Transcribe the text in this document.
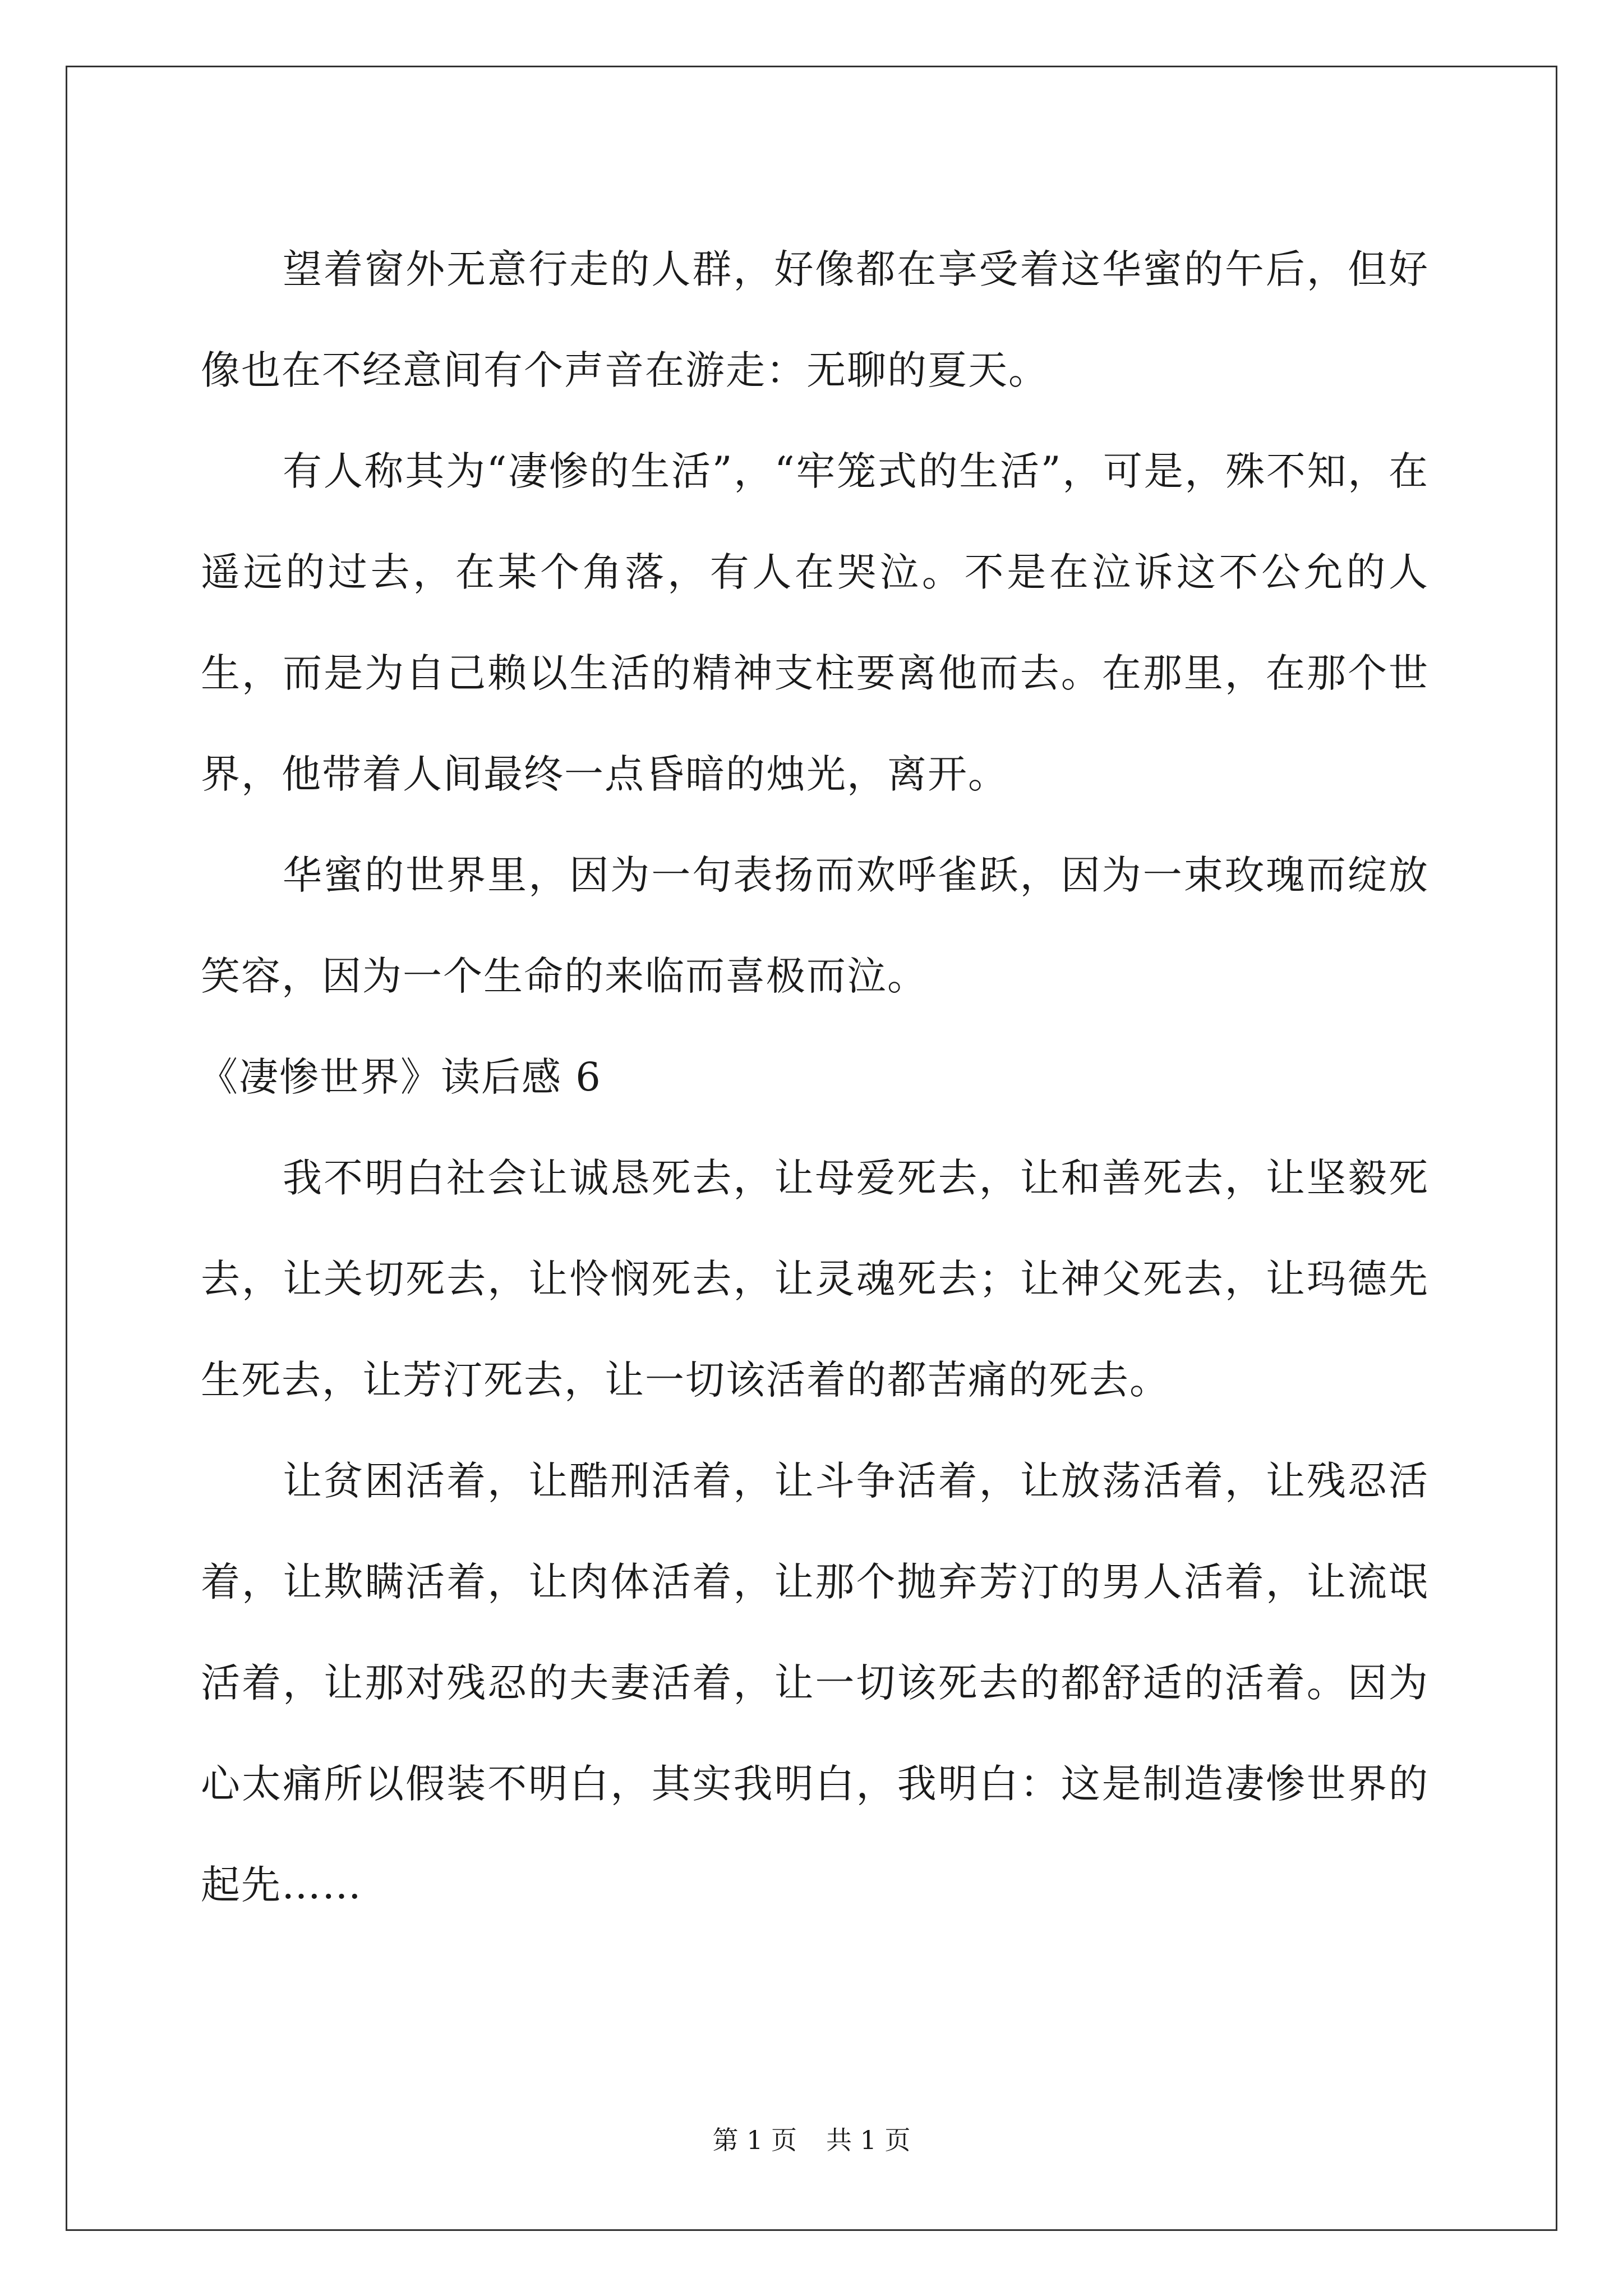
望着窗外无意行走的人群，好像都在享受着这华蜜的午后，但好像也在不经意间有个声音在游走：无聊的夏天。

有人称其为“凄惨的生活”，“牢笼式的生活”，可是，殊不知，在遥远的过去，在某个角落，有人在哭泣。不是在泣诉这不公允的人生，而是为自己赖以生活的精神支柱要离他而去。在那里，在那个世界，他带着人间最终一点昏暗的烛光，离开。

华蜜的世界里，因为一句表扬而欢呼雀跃，因为一束玫瑰而绽放笑容，因为一个生命的来临而喜极而泣。

《凄惨世界》读后感 6

我不明白社会让诚恳死去，让母爱死去，让和善死去，让坚毅死去，让关切死去，让怜悯死去，让灵魂死去；让神父死去，让玛德先生死去，让芳汀死去，让一切该活着的都苦痛的死去。

让贫困活着，让酷刑活着，让斗争活着，让放荡活着，让残忍活着，让欺瞒活着，让肉体活着，让那个抛弃芳汀的男人活着，让流氓活着，让那对残忍的夫妻活着，让一切该死去的都舒适的活着。因为心太痛所以假装不明白，其实我明白，我明白：这是制造凄惨世界的起先……

第 1 页 共 1 页
